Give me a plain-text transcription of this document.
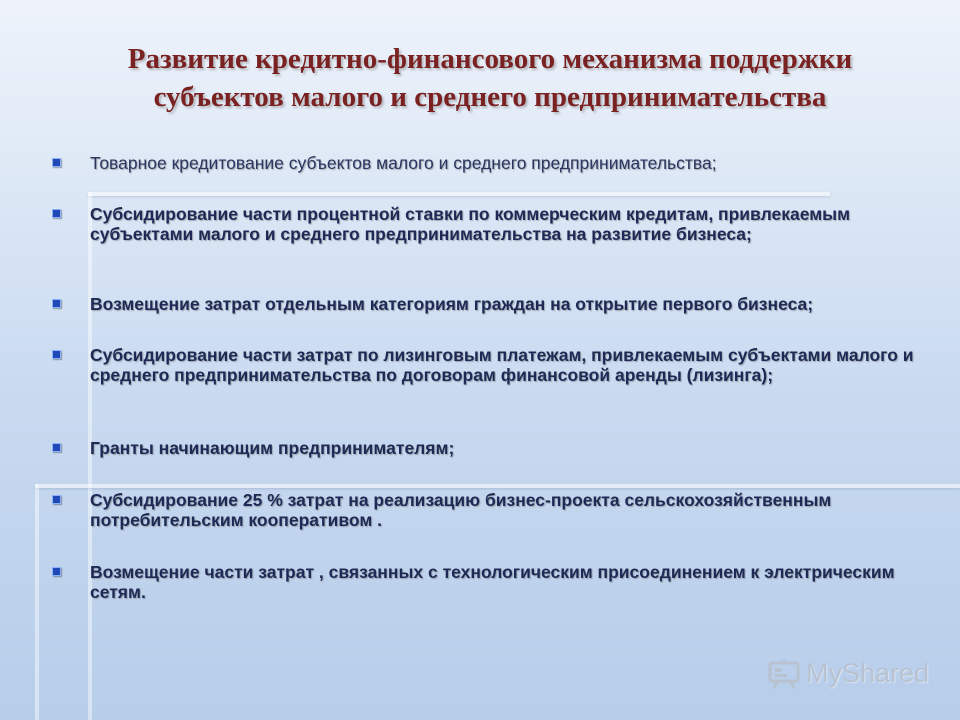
Развитие кредитно-финансового механизма поддержки субъектов малого и среднего предпринимательства
Товарное кредитование субъектов малого и среднего предпринимательства;
Субсидирование части процентной ставки по коммерческим кредитам, привлекаемым субъектами малого и среднего предпринимательства на развитие бизнеса;
Возмещение затрат отдельным категориям граждан на открытие первого бизнеса;
Субсидирование части затрат по лизинговым платежам, привлекаемым субъектами малого и среднего предпринимательства по договорам финансовой аренды (лизинга);
Гранты начинающим предпринимателям;
Субсидирование 25 % затрат на реализацию бизнес-проекта сельскохозяйственным потребительским кооперативом .
Возмещение части затрат , связанных с технологическим присоединением к электрическим сетям.
MyShared
